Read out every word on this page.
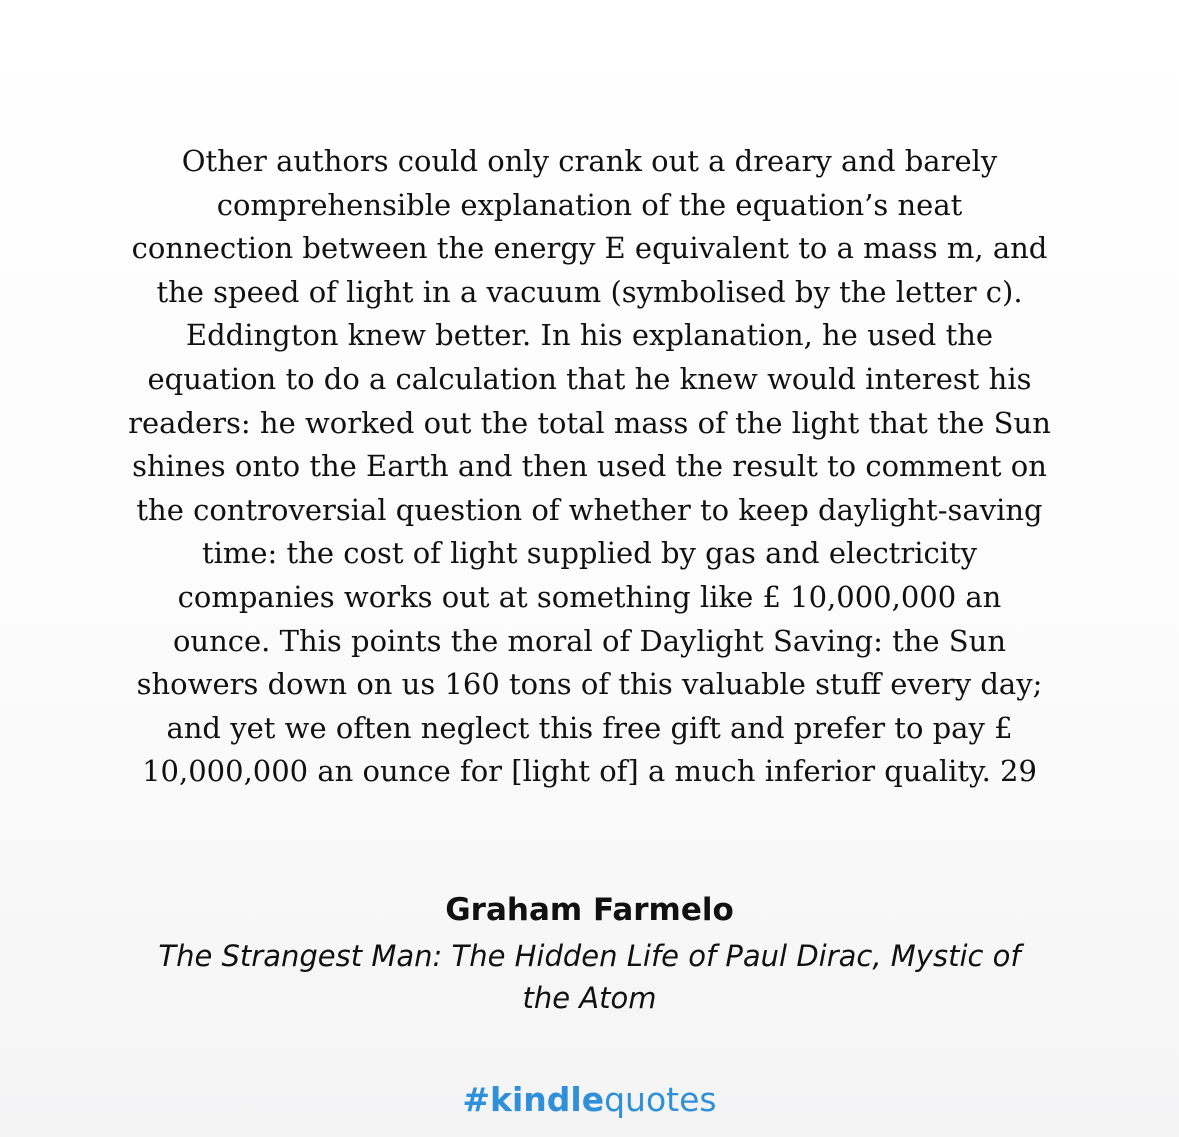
Other authors could only crank out a dreary and barely
comprehensible explanation of the equation’s neat
connection between the energy E equivalent to a mass m, and
the speed of light in a vacuum (symbolised by the letter c).
Eddington knew better. In his explanation, he used the
equation to do a calculation that he knew would interest his
readers: he worked out the total mass of the light that the Sun
shines onto the Earth and then used the result to comment on
the controversial question of whether to keep daylight-saving
time: the cost of light supplied by gas and electricity
companies works out at something like £ 10,000,000 an
ounce. This points the moral of Daylight Saving: the Sun
showers down on us 160 tons of this valuable stuff every day;
and yet we often neglect this free gift and prefer to pay £
10,000,000 an ounce for [light of] a much inferior quality. 29

Graham Farmelo
The Strangest Man: The Hidden Life of Paul Dirac, Mystic of
the Atom
#kindlequotes
